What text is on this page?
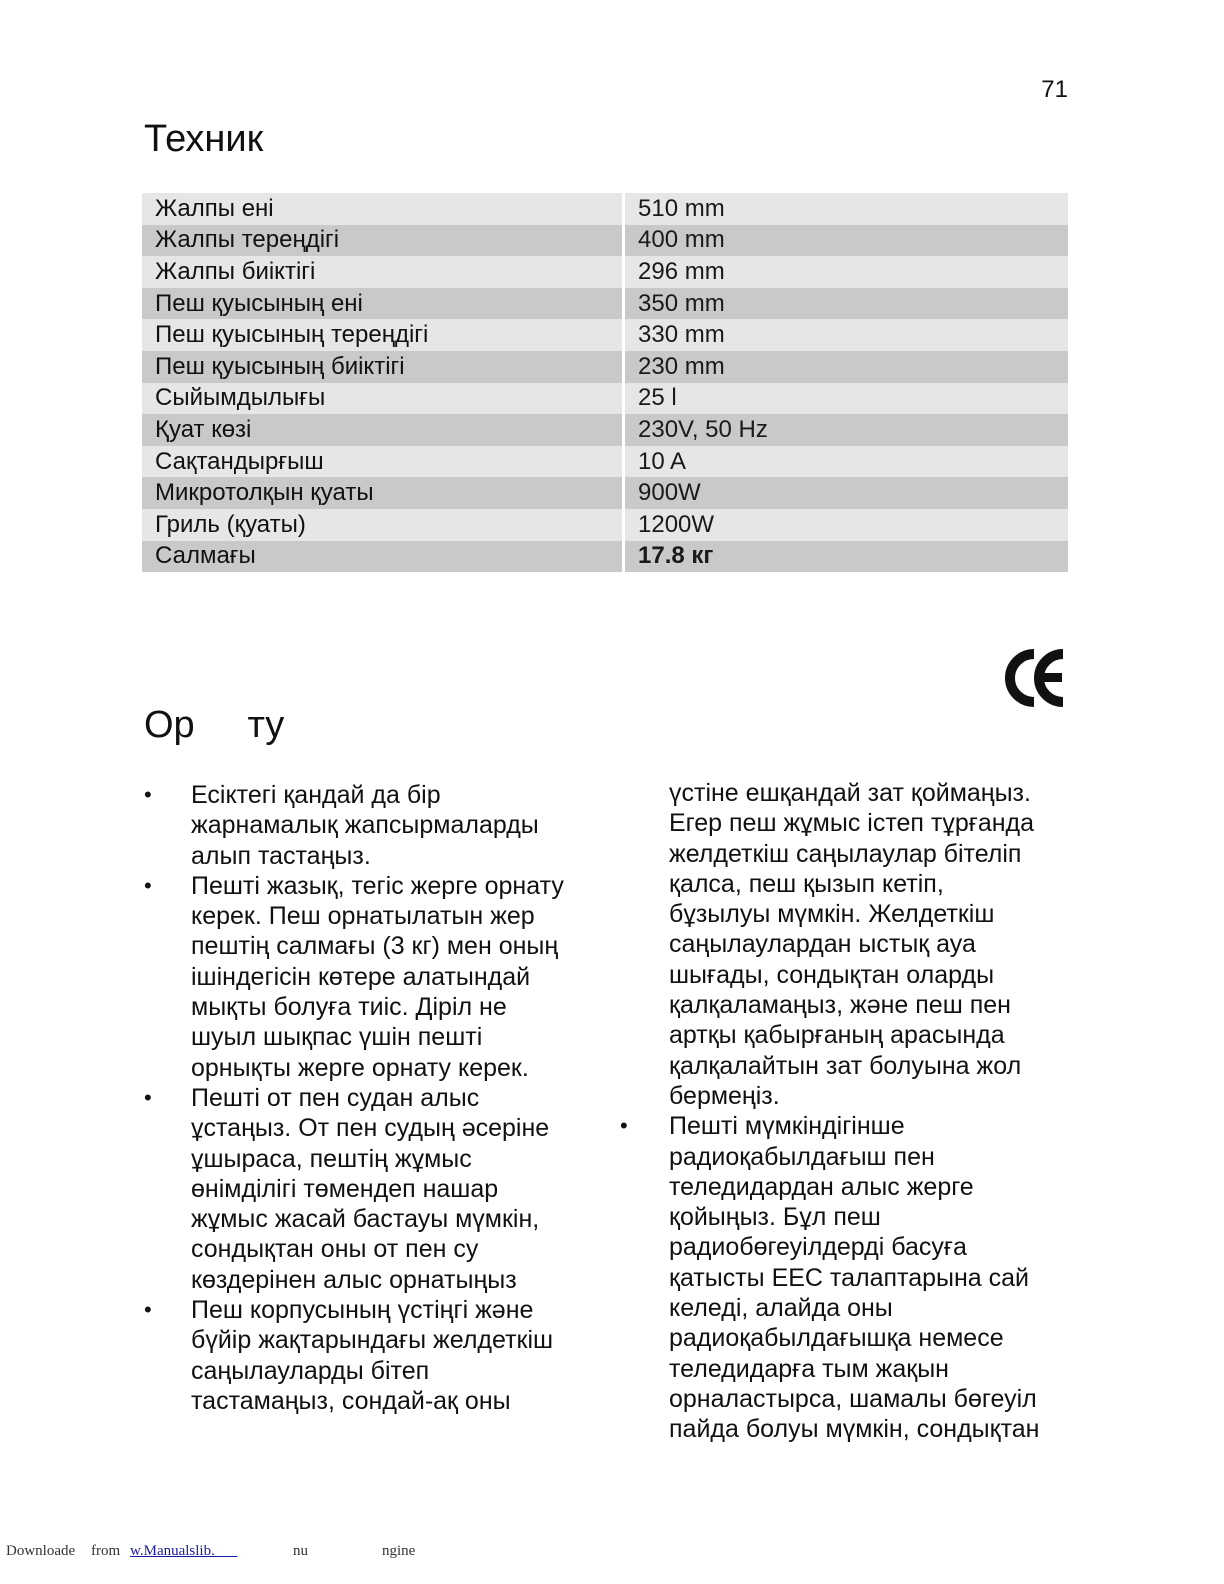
71
Техник
Жалпы ені	510 mm
Жалпы тереңдігі	400 mm
Жалпы биіктігі	296 mm
Пеш қуысының ені	350 mm
Пеш қуысының тереңдігі	330 mm
Пеш қуысының биіктігі	230 mm
Сыйымдылығы	25 l
Қуат көзі	230V, 50 Hz
Сақтандырғыш	10 A
Микротолқын қуаты	900W
Гриль (қуаты)	1200W
Салмағы	17.8 кг
Ор     ту

• Есіктегі қандай да бір
жарнамалық жапсырмаларды
алып тастаңыз.

• Пешті жазық, тегіс жерге орнату
керек. Пеш орнатылатын жер
пештің салмағы (3 кг) мен оның
ішіндегісін көтере алатындай
мықты болуға тиіс. Діріл не
шуыл шықпас үшін пешті
орнықты жерге орнату керек.

• Пешті от пен судан алыс
ұстаңыз. От пен судың әсеріне
ұшыраса, пештің жұмыс
өнімділігі төмендеп нашар
жұмыс жасай бастауы мүмкін,
сондықтан оны от пен су
көздерінен алыс орнатыңыз

• Пеш корпусының үстіңгі және
бүйір жақтарындағы желдеткіш
саңылауларды бітеп
тастамаңыз, сондай-ақ оны

үстіне ешқандай зат қоймаңыз.
Егер пеш жұмыс істеп тұрғанда
желдеткіш саңылаулар бітеліп
қалса, пеш қызып кетіп,
бұзылуы мүмкін. Желдеткіш
саңылаулардан ыстық ауа
шығады, сондықтан оларды
қалқаламаңыз, және пеш пен
артқы қабырғаның арасында
қалқалайтын зат болуына жол
бермеңіз.

• Пешті мүмкіндігінше
радиоқабылдағыш пен
теледидардан алыс жерге
қойыңыз. Бұл пеш
радиобөгеуілдерді басуға
қатысты ЕЕС талаптарына сай
келеді, алайда оны
радиоқабылдағышқа немесе
теледидарға тым жақын
орналастырса, шамалы бөгеуіл
пайда болуы мүмкін, сондықтан

Downloade from w.Manualslib.	nu	ngine
